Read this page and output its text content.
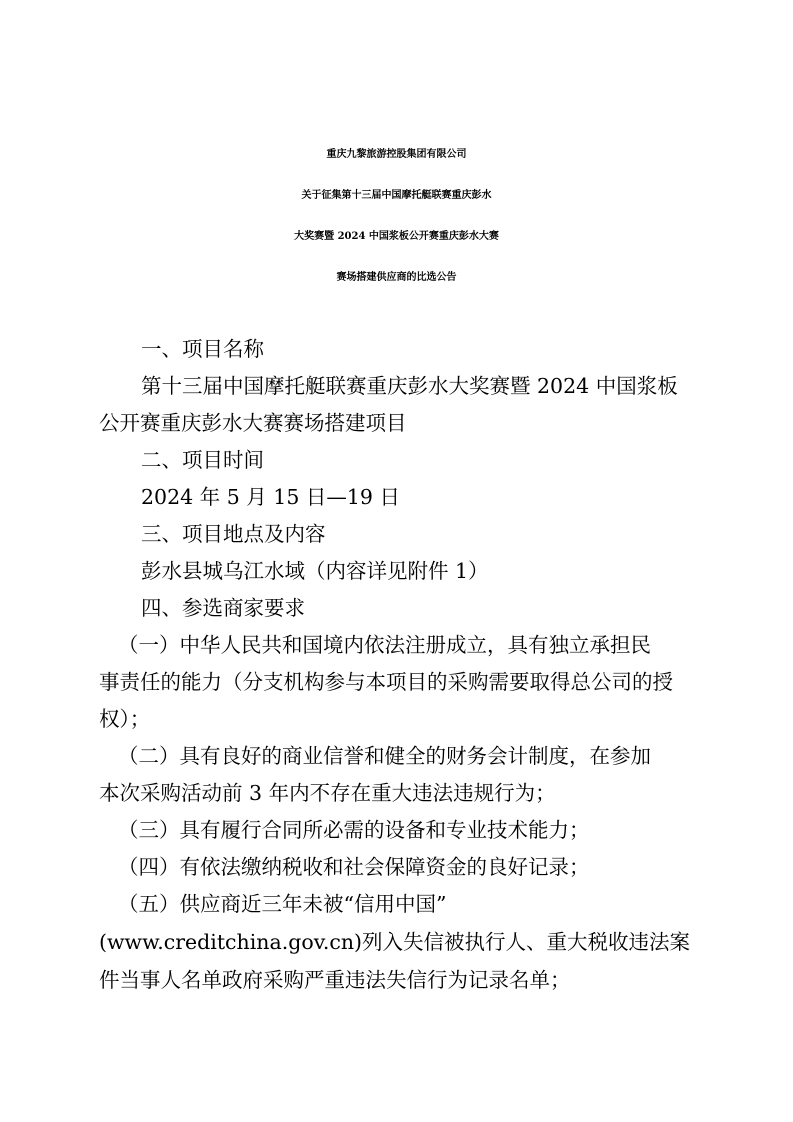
重庆九黎旅游控股集团有限公司
关于征集第十三届中国摩托艇联赛重庆彭水
大奖赛暨 2024 中国浆板公开赛重庆彭水大赛
赛场搭建供应商的比选公告
一、项目名称
第十三届中国摩托艇联赛重庆彭水大奖赛暨 2024 中国浆板
公开赛重庆彭水大赛赛场搭建项目
二、项目时间
2024 年 5 月 15 日—19 日
三、项目地点及内容
彭水县城乌江水域（内容详见附件 1）
四、参选商家要求
（一）中华人民共和国境内依法注册成立，具有独立承担民
事责任的能力（分支机构参与本项目的采购需要取得总公司的授
权）；
（二）具有良好的商业信誉和健全的财务会计制度，在参加
本次采购活动前 3 年内不存在重大违法违规行为；
（三）具有履行合同所必需的设备和专业技术能力；
（四）有依法缴纳税收和社会保障资金的良好记录；
（五）供应商近三年未被“信用中国”
(www.creditchina.gov.cn)列入失信被执行人、重大税收违法案
件当事人名单政府采购严重违法失信行为记录名单；
